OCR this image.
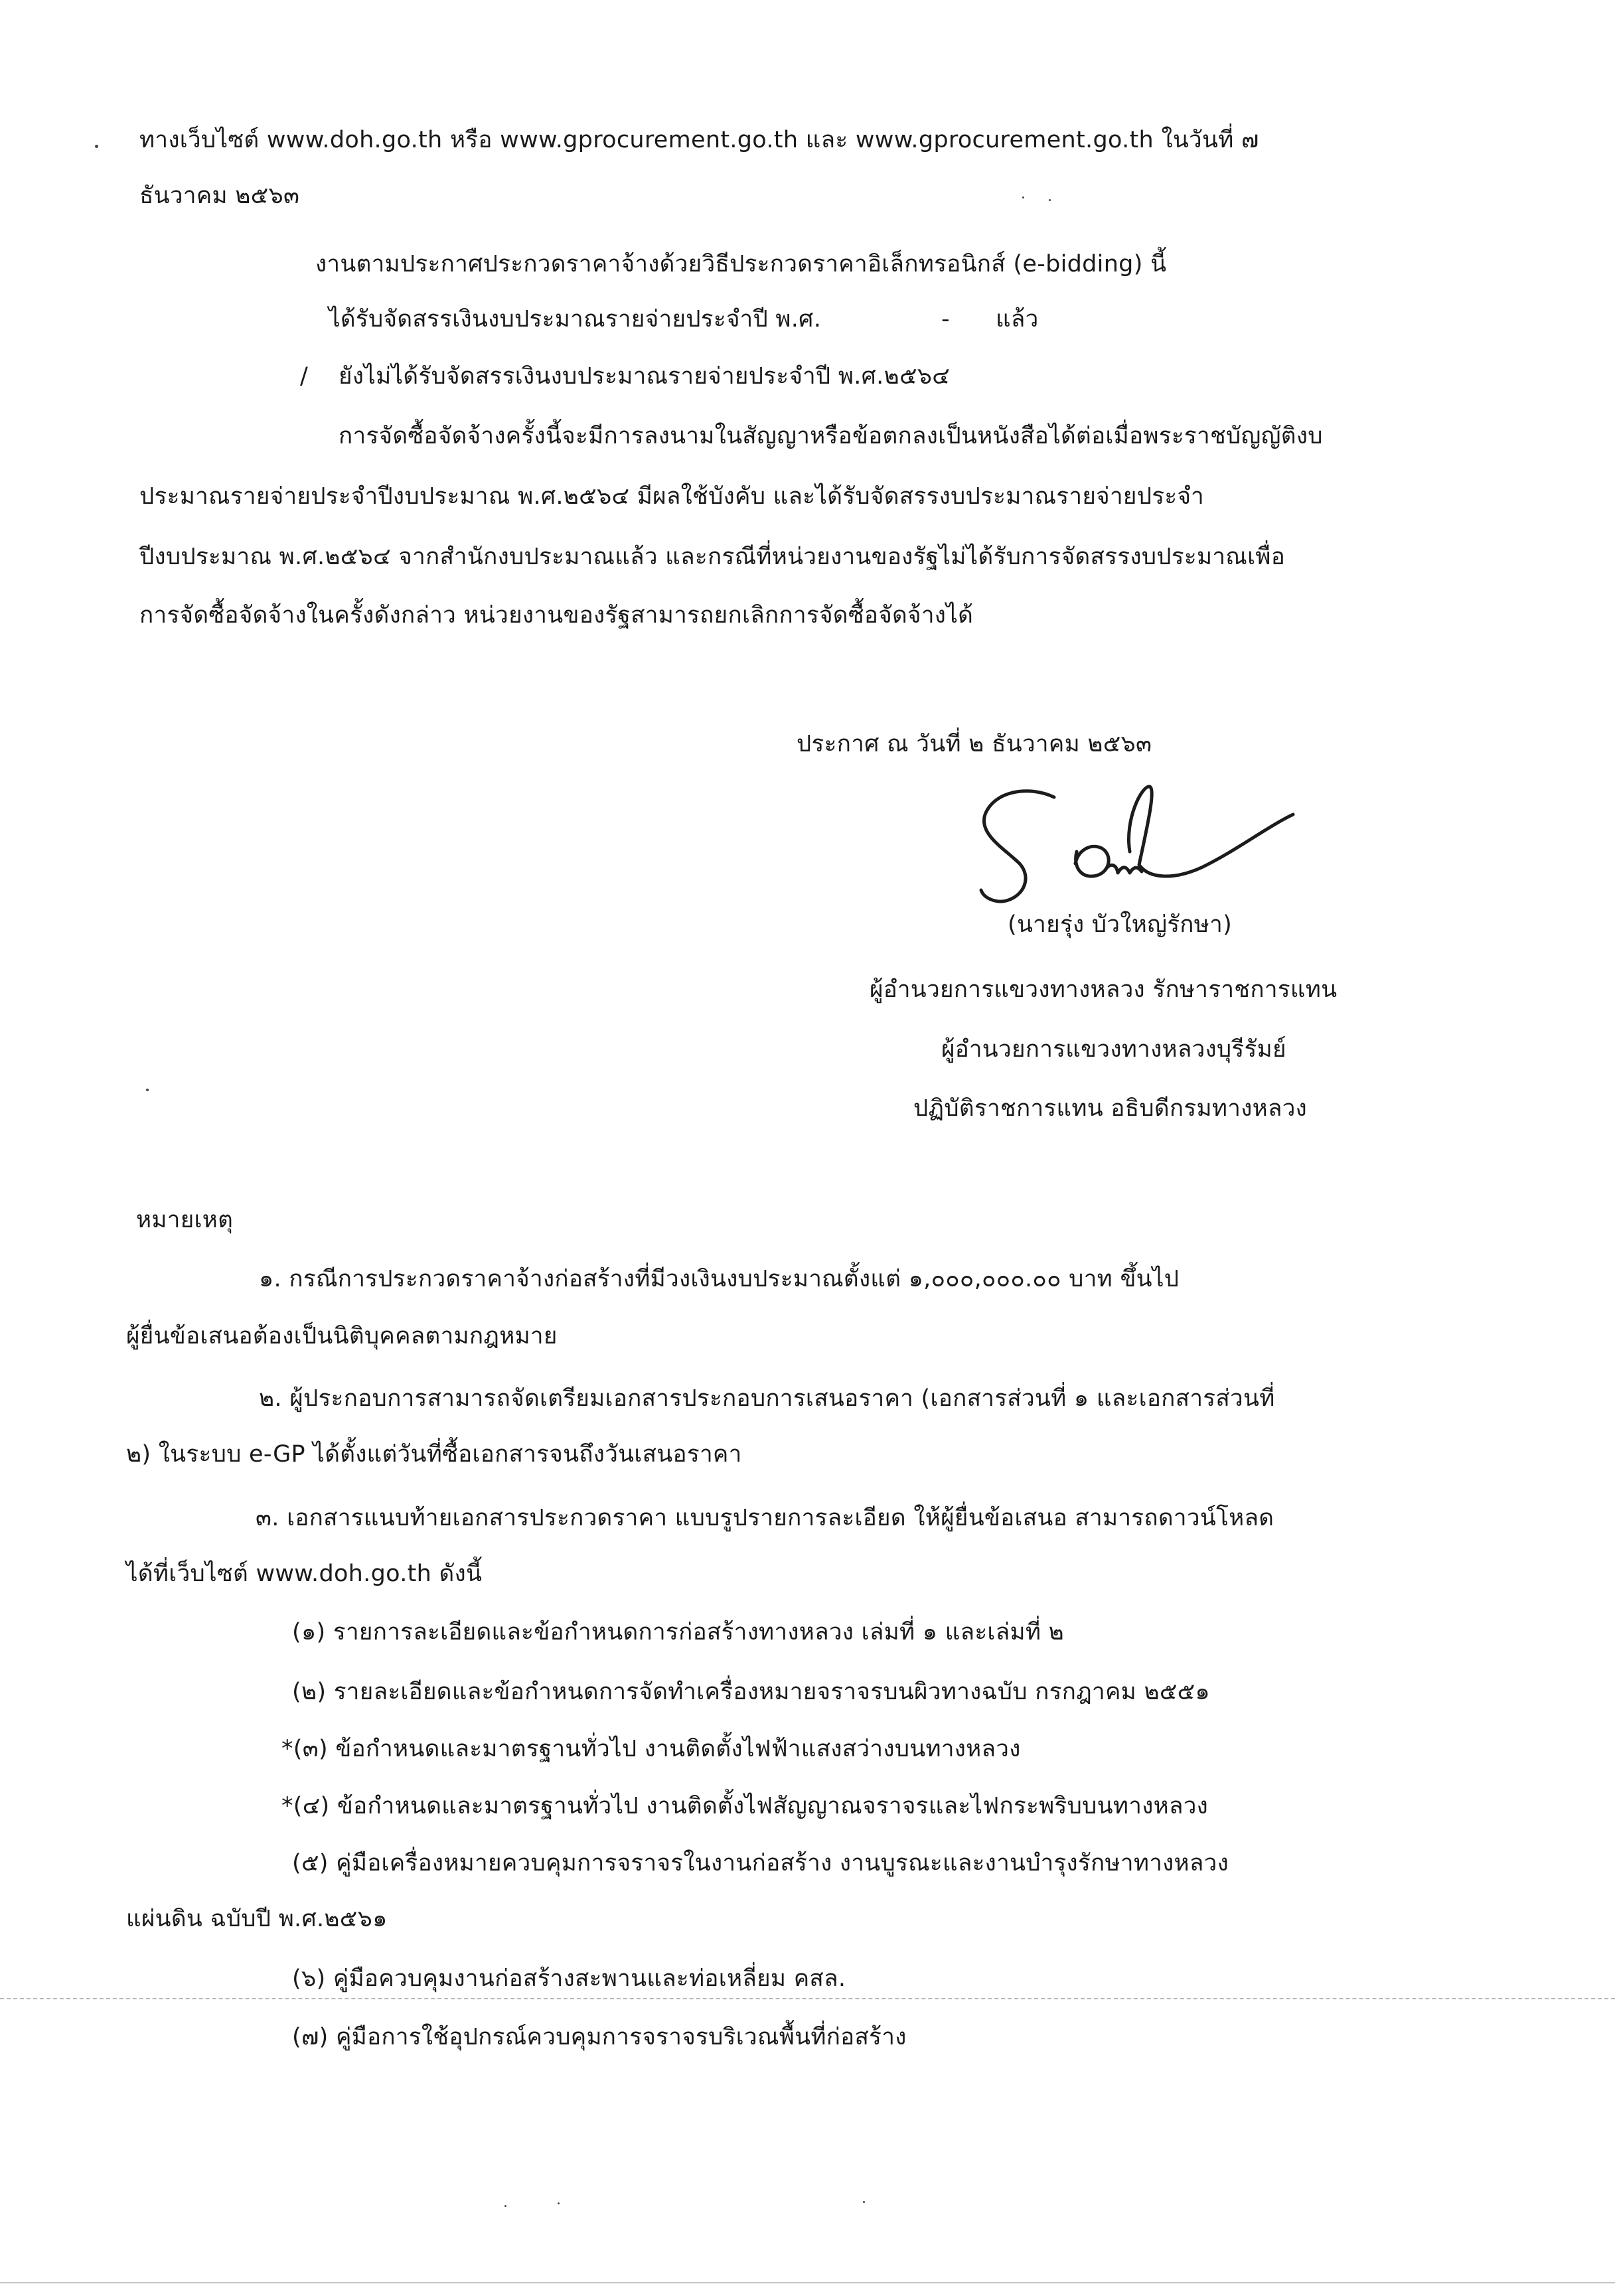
ทางเว็บไซต์ www.doh.go.th หรือ www.gprocurement.go.th และ www.gprocurement.go.th ในวันที่ ๗
ธันวาคม ๒๕๖๓
งานตามประกาศประกวดราคาจ้างด้วยวิธีประกวดราคาอิเล็กทรอนิกส์ (e-bidding) นี้
ได้รับจัดสรรเงินงบประมาณรายจ่ายประจำปี พ.ศ.	- แล้ว
/ ยังไม่ได้รับจัดสรรเงินงบประมาณรายจ่ายประจำปี พ.ศ.๒๕๖๔
การจัดซื้อจัดจ้างครั้งนี้จะมีการลงนามในสัญญาหรือข้อตกลงเป็นหนังสือได้ต่อเมื่อพระราชบัญญัติงบ
ประมาณรายจ่ายประจำปีงบประมาณ พ.ศ.๒๕๖๔ มีผลใช้บังคับ และได้รับจัดสรรงบประมาณรายจ่ายประจำ
ปีงบประมาณ พ.ศ.๒๕๖๔ จากสำนักงบประมาณแล้ว และกรณีที่หน่วยงานของรัฐไม่ได้รับการจัดสรรงบประมาณเพื่อ
การจัดซื้อจัดจ้างในครั้งดังกล่าว หน่วยงานของรัฐสามารถยกเลิกการจัดซื้อจัดจ้างได้
ประกาศ ณ วันที่ ๒ ธันวาคม ๒๕๖๓
(นายรุ่ง บัวใหญ่รักษา)
ผู้อำนวยการแขวงทางหลวง รักษาราชการแทน
ผู้อำนวยการแขวงทางหลวงบุรีรัมย์
ปฏิบัติราชการแทน อธิบดีกรมทางหลวง
หมายเหตุ
๑. กรณีการประกวดราคาจ้างก่อสร้างที่มีวงเงินงบประมาณตั้งแต่ ๑,๐๐๐,๐๐๐.๐๐ บาท ขึ้นไป
ผู้ยื่นข้อเสนอต้องเป็นนิติบุคคลตามกฎหมาย
๒. ผู้ประกอบการสามารถจัดเตรียมเอกสารประกอบการเสนอราคา (เอกสารส่วนที่ ๑ และเอกสารส่วนที่
๒) ในระบบ e-GP ได้ตั้งแต่วันที่ซื้อเอกสารจนถึงวันเสนอราคา
๓. เอกสารแนบท้ายเอกสารประกวดราคา แบบรูปรายการละเอียด ให้ผู้ยื่นข้อเสนอ สามารถดาวน์โหลด
ได้ที่เว็บไซต์ www.doh.go.th ดังนี้
(๑) รายการละเอียดและข้อกำหนดการก่อสร้างทางหลวง เล่มที่ ๑ และเล่มที่ ๒
(๒) รายละเอียดและข้อกำหนดการจัดทำเครื่องหมายจราจรบนผิวทางฉบับ กรกฎาคม ๒๕๕๑
*(๓) ข้อกำหนดและมาตรฐานทั่วไป งานติดตั้งไฟฟ้าแสงสว่างบนทางหลวง
*(๔) ข้อกำหนดและมาตรฐานทั่วไป งานติดตั้งไฟสัญญาณจราจรและไฟกระพริบบนทางหลวง
(๕) คู่มือเครื่องหมายควบคุมการจราจรในงานก่อสร้าง งานบูรณะและงานบำรุงรักษาทางหลวง
แผ่นดิน ฉบับปี พ.ศ.๒๕๖๑
(๖) คู่มือควบคุมงานก่อสร้างสะพานและท่อเหลี่ยม คสล.
(๗) คู่มือการใช้อุปกรณ์ควบคุมการจราจรบริเวณพื้นที่ก่อสร้าง
